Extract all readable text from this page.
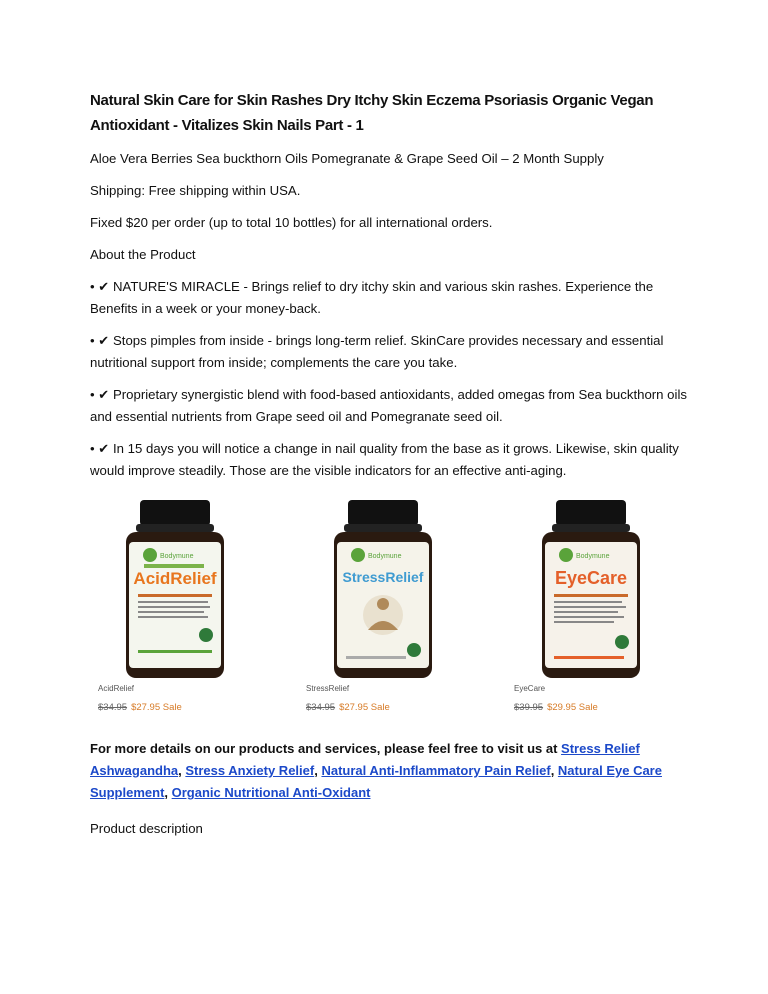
Natural Skin Care for Skin Rashes Dry Itchy Skin Eczema Psoriasis Organic Vegan Antioxidant - Vitalizes Skin Nails Part - 1

Aloe Vera Berries Sea buckthorn Oils Pomegranate & Grape Seed Oil – 2 Month Supply

Shipping: Free shipping within USA.

Fixed $20 per order (up to total 10 bottles) for all international orders.

About the Product

• ✔ NATURE'S MIRACLE - Brings relief to dry itchy skin and various skin rashes. Experience the Benefits in a week or your money-back.

• ✔ Stops pimples from inside - brings long-term relief. SkinCare provides necessary and essential nutritional support from inside; complements the care you take.

• ✔ Proprietary synergistic blend with food-based antioxidants, added omegas from Sea buckthorn oils and essential nutrients from Grape seed oil and Pomegranate seed oil.

• ✔ In 15 days you will notice a change in nail quality from the base as it grows. Likewise, skin quality would improve steadily. Those are the visible indicators for an effective anti-aging.

Bodymune
AcidRelief
AcidRelief
$34.95 $27.95 Sale
Bodymune
StressRelief
StressRelief
$34.95 $27.95 Sale
Bodymune
EyeCare
EyeCare
$39.95 $29.95 Sale
For more details on our products and services, please feel free to visit us at Stress Relief Ashwagandha, Stress Anxiety Relief, Natural Anti-Inflammatory Pain Relief, Natural Eye Care Supplement, Organic Nutritional Anti-Oxidant

Product description
